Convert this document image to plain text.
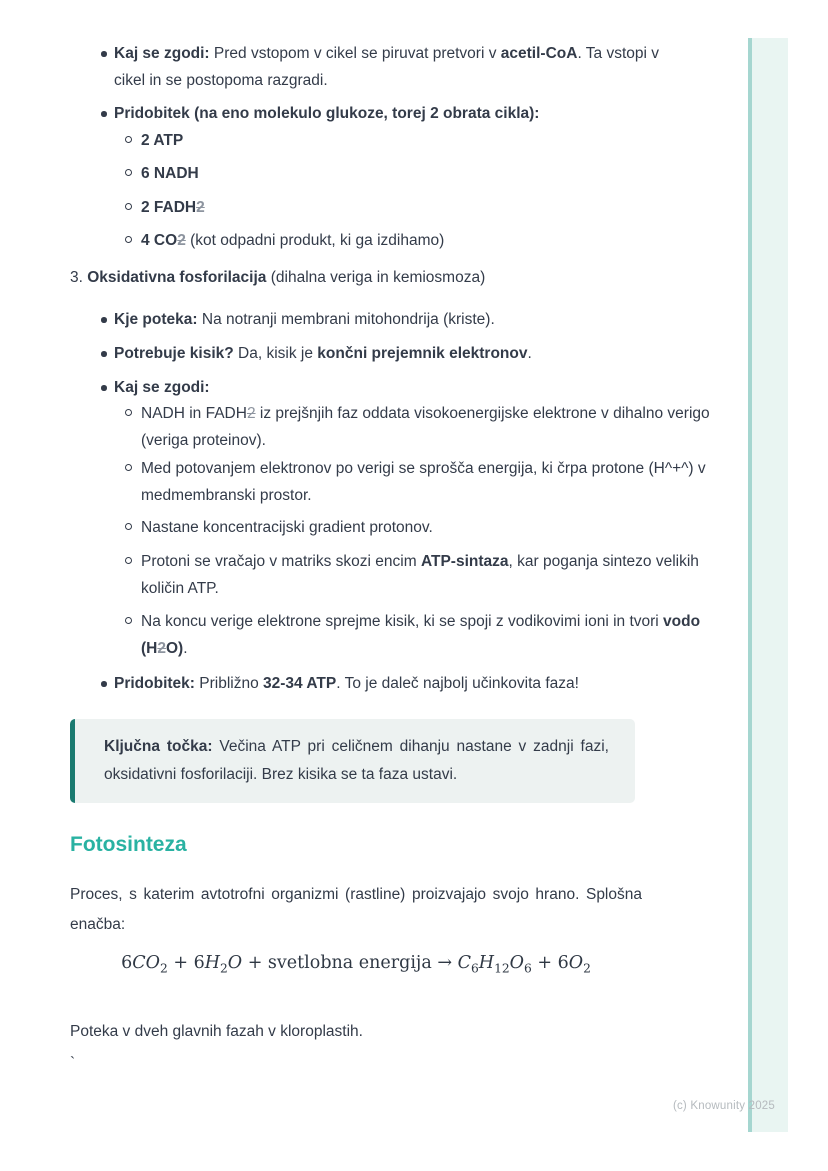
Kaj se zgodi: Pred vstopom v cikel se piruvat pretvori v acetil-CoA. Ta vstopi v cikel in se postopoma razgradi.
Pridobitek (na eno molekulo glukoze, torej 2 obrata cikla):
2 ATP
6 NADH
2 FADH2
4 CO2 (kot odpadni produkt, ki ga izdihamo)
3. Oksidativna fosforilacija (dihalna veriga in kemiosmoza)
Kje poteka: Na notranji membrani mitohondrija (kriste).
Potrebuje kisik? Da, kisik je končni prejemnik elektronov.
Kaj se zgodi:
NADH in FADH2 iz prejšnjih faz oddata visokoenergijske elektrone v dihalno verigo (veriga proteinov).
Med potovanjem elektronov po verigi se sprošča energija, ki črpa protone (H^+^) v medmembranski prostor.
Nastane koncentracijski gradient protonov.
Protoni se vračajo v matriks skozi encim ATP-sintaza, kar poganja sintezo velikih količin ATP.
Na koncu verige elektrone sprejme kisik, ki se spoji z vodikovimi ioni in tvori vodo (H2O).
Pridobitek: Približno 32-34 ATP. To je daleč najbolj učinkovita faza!
Ključna točka: Večina ATP pri celičnem dihanju nastane v zadnji fazi, oksidativni fosforilaciji. Brez kisika se ta faza ustavi.
Fotosinteza
Proces, s katerim avtotrofni organizmi (rastline) proizvajajo svojo hrano. Splošna enačba:
$6CO_2 + 6H_2O$ + svetlobna energija → $C_6H_{12}O_6 + 6O_2$
Poteka v dveh glavnih fazah v kloroplastih.
`
(c) Knowunity 2025
